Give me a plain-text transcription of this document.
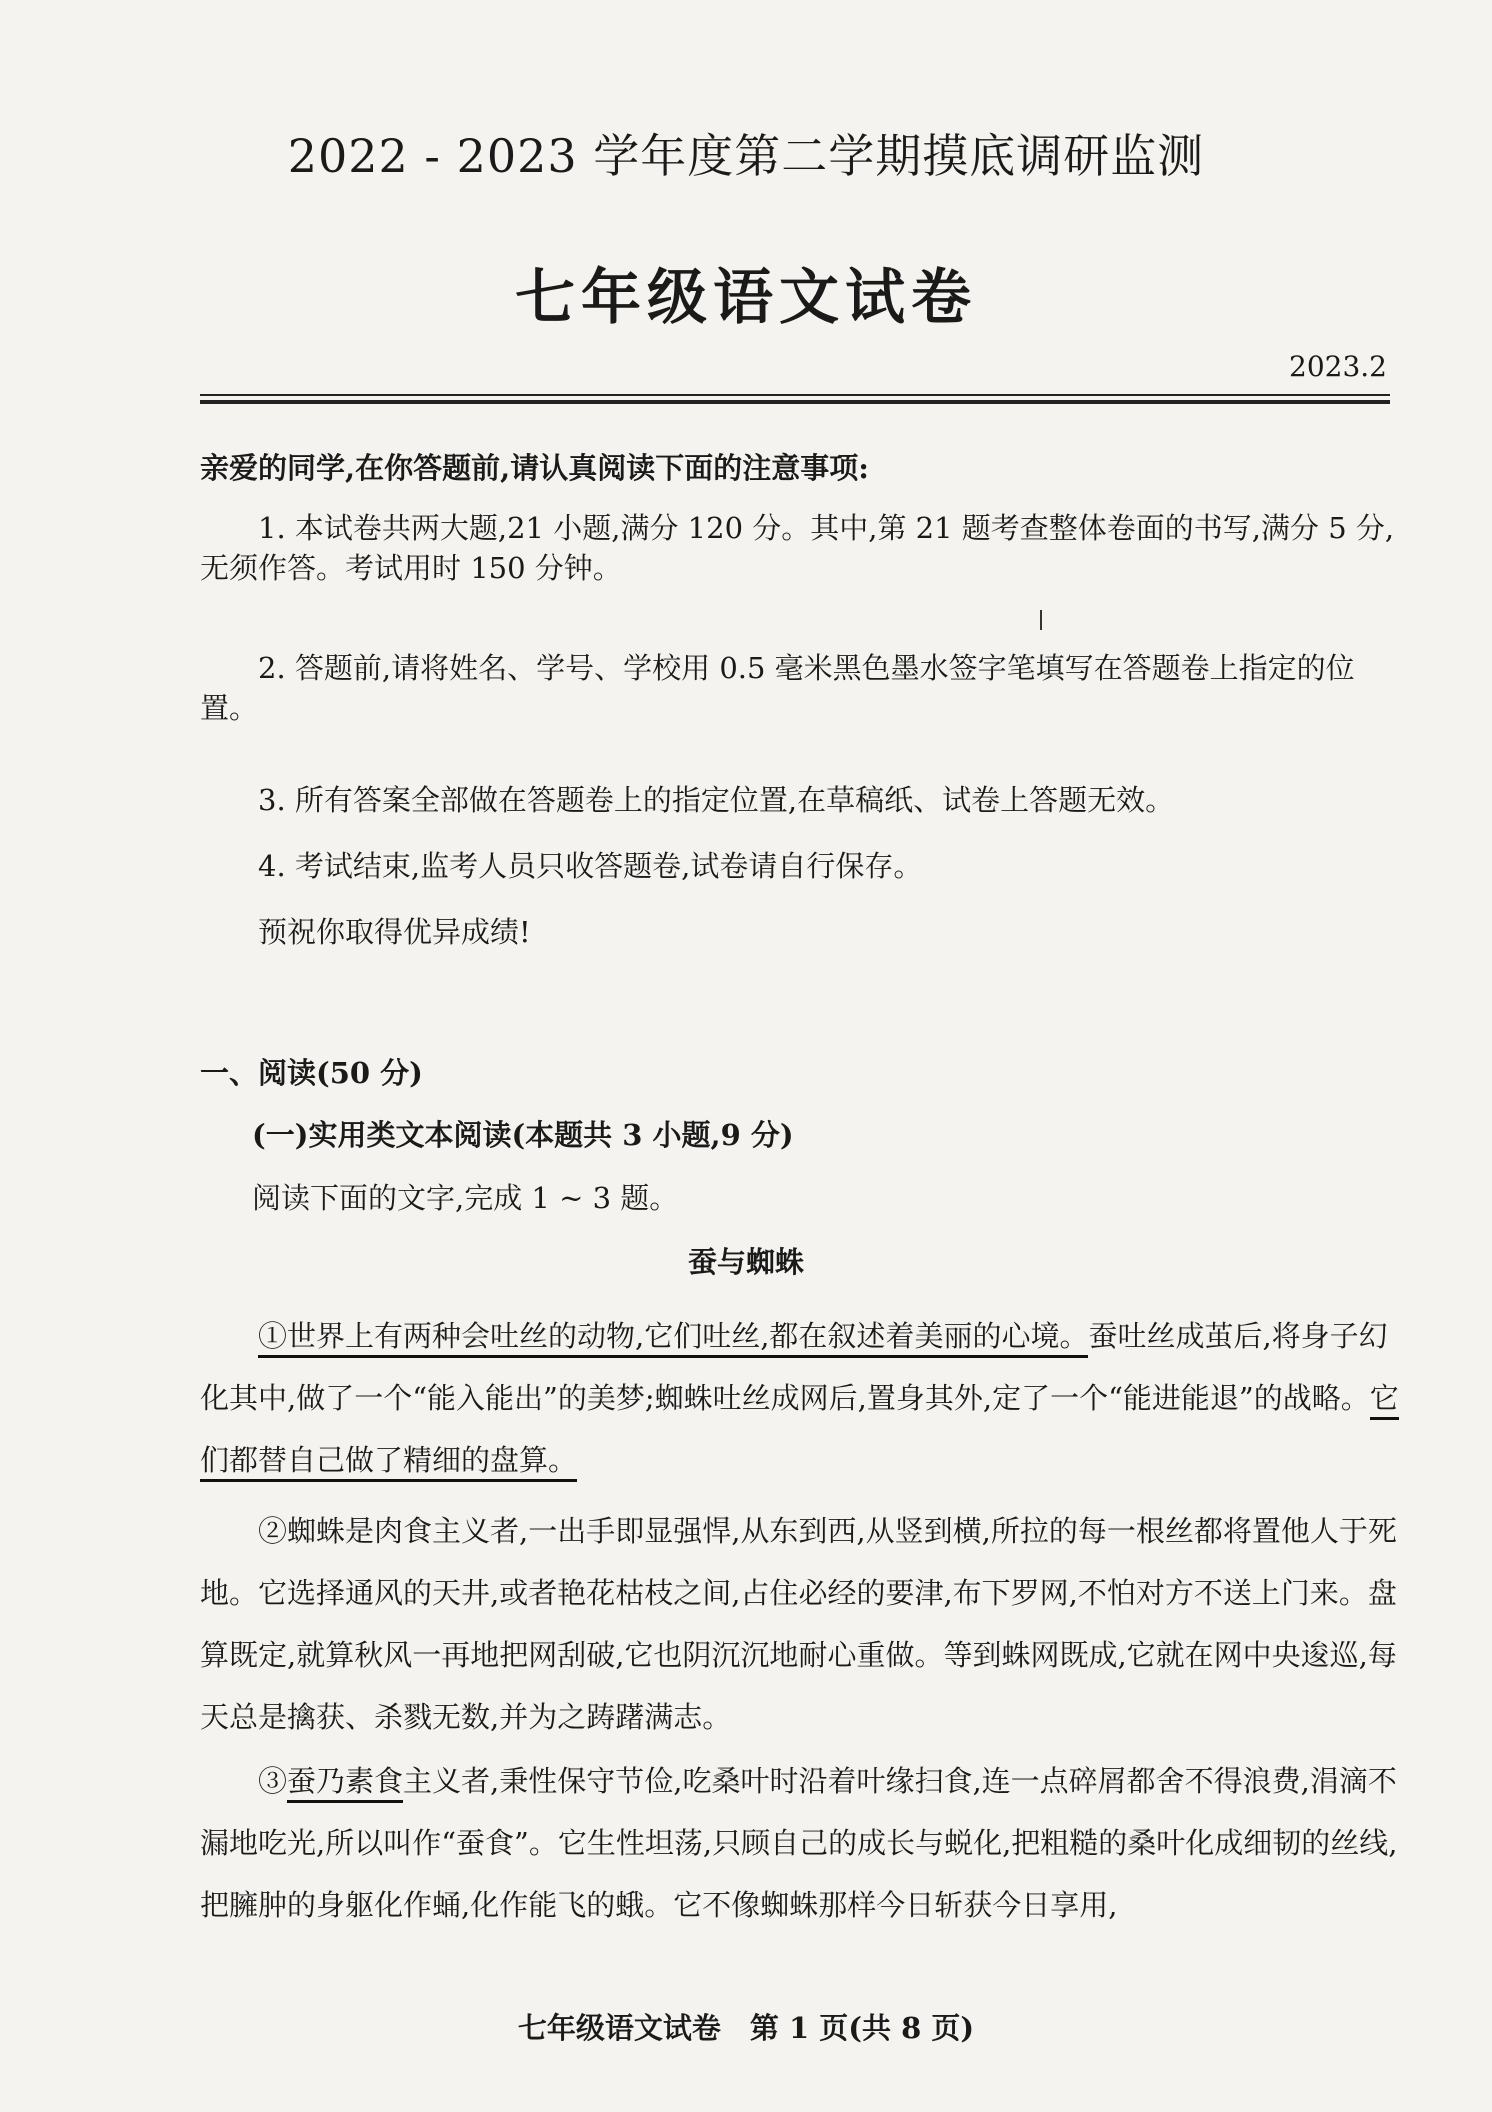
2022 - 2023 学年度第二学期摸底调研监测
七年级语文试卷
2023.2
亲爱的同学,在你答题前,请认真阅读下面的注意事项:

1. 本试卷共两大题,21 小题,满分 120 分。其中,第 21 题考查整体卷面的书写,满分 5 分,无须作答。考试用时 150 分钟。

2. 答题前,请将姓名、学号、学校用 0.5 毫米黑色墨水签字笔填写在答题卷上指定的位置。

3. 所有答案全部做在答题卷上的指定位置,在草稿纸、试卷上答题无效。

4. 考试结束,监考人员只收答题卷,试卷请自行保存。

预祝你取得优异成绩!

一、阅读(50 分)
(一)实用类文本阅读(本题共 3 小题,9 分)
阅读下面的文字,完成 1 ~ 3 题。
蚕与蜘蛛

①世界上有两种会吐丝的动物,它们吐丝,都在叙述着美丽的心境。蚕吐丝成茧后,将身子幻化其中,做了一个“能入能出”的美梦;蜘蛛吐丝成网后,置身其外,定了一个“能进能退”的战略。它们都替自己做了精细的盘算。

②蜘蛛是肉食主义者,一出手即显强悍,从东到西,从竖到横,所拉的每一根丝都将置他人于死地。它选择通风的天井,或者艳花枯枝之间,占住必经的要津,布下罗网,不怕对方不送上门来。盘算既定,就算秋风一再地把网刮破,它也阴沉沉地耐心重做。等到蛛网既成,它就在网中央逡巡,每天总是擒获、杀戮无数,并为之踌躇满志。

③蚕乃素食主义者,秉性保守节俭,吃桑叶时沿着叶缘扫食,连一点碎屑都舍不得浪费,涓滴不漏地吃光,所以叫作“蚕食”。它生性坦荡,只顾自己的成长与蜕化,把粗糙的桑叶化成细韧的丝线,把臃肿的身躯化作蛹,化作能飞的蛾。它不像蜘蛛那样今日斩获今日享用,

七年级语文试卷　第 1 页(共 8 页)
